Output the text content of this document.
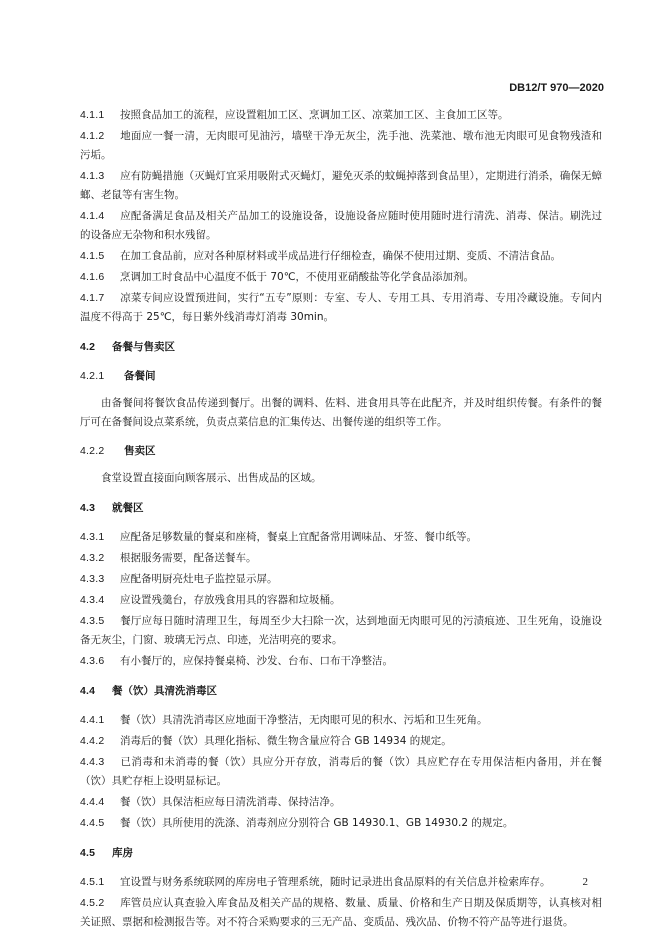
DB12/T 970—2020

4.1.1 按照食品加工的流程，应设置粗加工区、烹调加工区、凉菜加工区、主食加工区等。

4.1.2 地面应一餐一清，无肉眼可见油污，墙壁干净无灰尘，洗手池、洗菜池、墩布池无肉眼可见食物残渣和污垢。

4.1.3 应有防蝇措施（灭蝇灯宜采用吸附式灭蝇灯，避免灭杀的蚊蝇掉落到食品里），定期进行消杀，确保无蟑螂、老鼠等有害生物。

4.1.4 应配备满足食品及相关产品加工的设施设备，设施设备应随时使用随时进行清洗、消毒、保洁。刷洗过的设备应无杂物和积水残留。

4.1.5 在加工食品前，应对各种原材料或半成品进行仔细检查，确保不使用过期、变质、不清洁食品。

4.1.6 烹调加工时食品中心温度不低于 70℃，不使用亚硝酸盐等化学食品添加剂。

4.1.7 凉菜专间应设置预进间，实行“五专”原则：专室、专人、专用工具、专用消毒、专用冷藏设施。专间内温度不得高于 25℃，每日紫外线消毒灯消毒 30min。

4.2 备餐与售卖区
4.2.1 备餐间

由备餐间将餐饮食品传递到餐厅。出餐的调料、佐料、进食用具等在此配齐，并及时组织传餐。有条件的餐厅可在备餐间设点菜系统，负责点菜信息的汇集传达、出餐传递的组织等工作。

4.2.2 售卖区

食堂设置直接面向顾客展示、出售成品的区域。

4.3 就餐区

4.3.1 应配备足够数量的餐桌和座椅，餐桌上宜配备常用调味品、牙签、餐巾纸等。

4.3.2 根据服务需要，配备送餐车。

4.3.3 应配备明厨亮灶电子监控显示屏。

4.3.4 应设置残羹台，存放残食用具的容器和垃圾桶。

4.3.5 餐厅应每日随时清理卫生，每周至少大扫除一次，达到地面无肉眼可见的污渍痕迹、卫生死角，设施设备无灰尘，门窗、玻璃无污点、印迹，光洁明亮的要求。

4.3.6 有小餐厅的，应保持餐桌椅、沙发、台布、口布干净整洁。

4.4 餐（饮）具清洗消毒区

4.4.1 餐（饮）具清洗消毒区应地面干净整洁，无肉眼可见的积水、污垢和卫生死角。

4.4.2 消毒后的餐（饮）具理化指标、微生物含量应符合 GB 14934 的规定。

4.4.3 已消毒和未消毒的餐（饮）具应分开存放，消毒后的餐（饮）具应贮存在专用保洁柜内备用，并在餐（饮）具贮存柜上设明显标记。

4.4.4 餐（饮）具保洁柜应每日清洗消毒、保持洁净。

4.4.5 餐（饮）具所使用的洗涤、消毒剂应分别符合 GB 14930.1、GB 14930.2 的规定。

4.5 库房

4.5.1 宜设置与财务系统联网的库房电子管理系统，随时记录进出食品原料的有关信息并检索库存。

4.5.2 库管员应认真查验入库食品及相关产品的规格、数量、质量、价格和生产日期及保质期等，认真核对相关证照、票据和检测报告等。对不符合采购要求的三无产品、变质品、残次品、价物不符产品等进行退货。

2
